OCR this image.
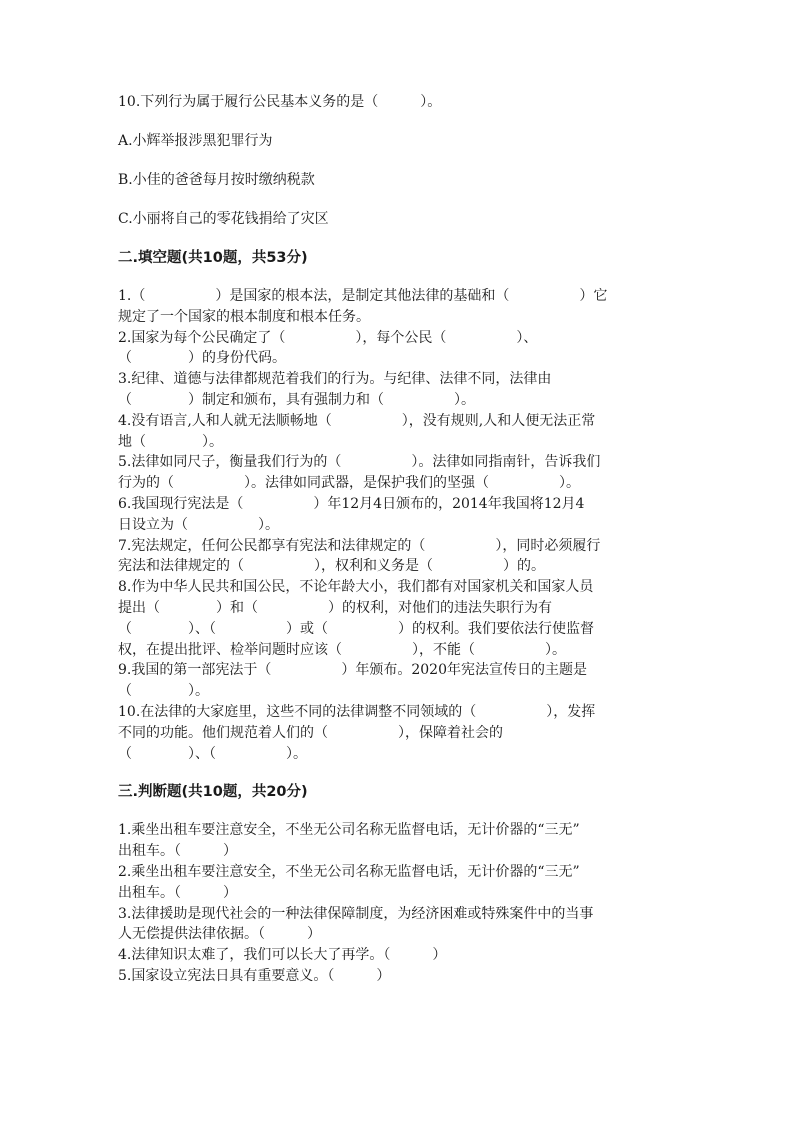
10.下列行为属于履行公民基本义务的是（　　　）。
A.小辉举报涉黑犯罪行为
B.小佳的爸爸每月按时缴纳税款
C.小丽将自己的零花钱捐给了灾区
二.填空题(共10题，共53分)
1.（　　　　　）是国家的根本法，是制定其他法律的基础和（　　　　　）它
规定了一个国家的根本制度和根本任务。
2.国家为每个公民确定了（　　　　　），每个公民（　　　　　）、
（　　　　）的身份代码。
3.纪律、道德与法律都规范着我们的行为。与纪律、法律不同，法律由
（　　　　）制定和颁布，具有强制力和（　　　　　）。
4.没有语言,人和人就无法顺畅地（　　　　　），没有规则,人和人便无法正常
地（　　　　）。
5.法律如同尺子，衡量我们行为的（　　　　　）。法律如同指南针，告诉我们
行为的（　　　　　）。法律如同武器，是保护我们的坚强（　　　　　）。
6.我国现行宪法是（　　　　　）年12月4日颁布的，2014年我国将12月4
日设立为（　　　　　）。
7.宪法规定，任何公民都享有宪法和法律规定的（　　　　　），同时必须履行
宪法和法律规定的（　　　　　），权利和义务是（　　　　　）的。
8.作为中华人民共和国公民，不论年龄大小，我们都有对国家机关和国家人员
提出（　　　　）和（　　　　　）的权利，对他们的违法失职行为有
（　　　　）、（　　　　　）或（　　　　　）的权利。我们要依法行使监督
权，在提出批评、检举问题时应该（　　　　　），不能（　　　　　）。
9.我国的第一部宪法于（　　　　　）年颁布。2020年宪法宣传日的主题是
（　　　　）。
10.在法律的大家庭里，这些不同的法律调整不同领域的（　　　　　），发挥
不同的功能。他们规范着人们的（　　　　　），保障着社会的
（　　　　）、（　　　　　）。
三.判断题(共10题，共20分)
1.乘坐出租车要注意安全，不坐无公司名称无监督电话，无计价器的“三无”
出租车。（　　　）
2.乘坐出租车要注意安全，不坐无公司名称无监督电话，无计价器的“三无”
出租车。（　　　）
3.法律援助是现代社会的一种法律保障制度，为经济困难或特殊案件中的当事
人无偿提供法律依据。（　　　）
4.法律知识太难了，我们可以长大了再学。（　　　）
5.国家设立宪法日具有重要意义。（　　　）
